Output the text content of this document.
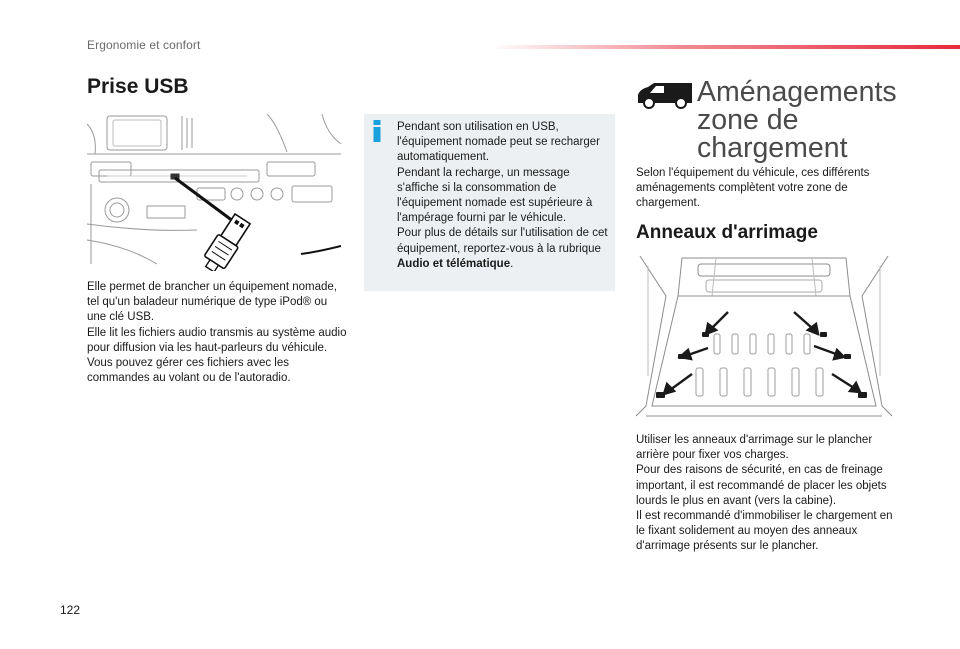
Ergonomie et confort
Prise USB

Elle permet de brancher un équipement nomade, tel qu'un baladeur numérique de type iPod® ou une clé USB.

Elle lit les fichiers audio transmis au système audio pour diffusion via les haut-parleurs du véhicule.

Vous pouvez gérer ces fichiers avec les commandes au volant ou de l'autoradio.

Pendant son utilisation en USB, l'équipement nomade peut se recharger automatiquement.

Pendant la recharge, un message s'affiche si la consommation de l'équipement nomade est supérieure à l'ampérage fourni par le véhicule.

Pour plus de détails sur l'utilisation de cet équipement, reportez-vous à la rubrique Audio et télématique.

Aménagements
zone de
chargement
Selon l'équipement du véhicule, ces différents aménagements complètent votre zone de chargement.
Anneaux d'arrimage

Utiliser les anneaux d'arrimage sur le plancher arrière pour fixer vos charges.

Pour des raisons de sécurité, en cas de freinage important, il est recommandé de placer les objets lourds le plus en avant (vers la cabine).

Il est recommandé d'immobiliser le chargement en le fixant solidement au moyen des anneaux d'arrimage présents sur le plancher.

122
